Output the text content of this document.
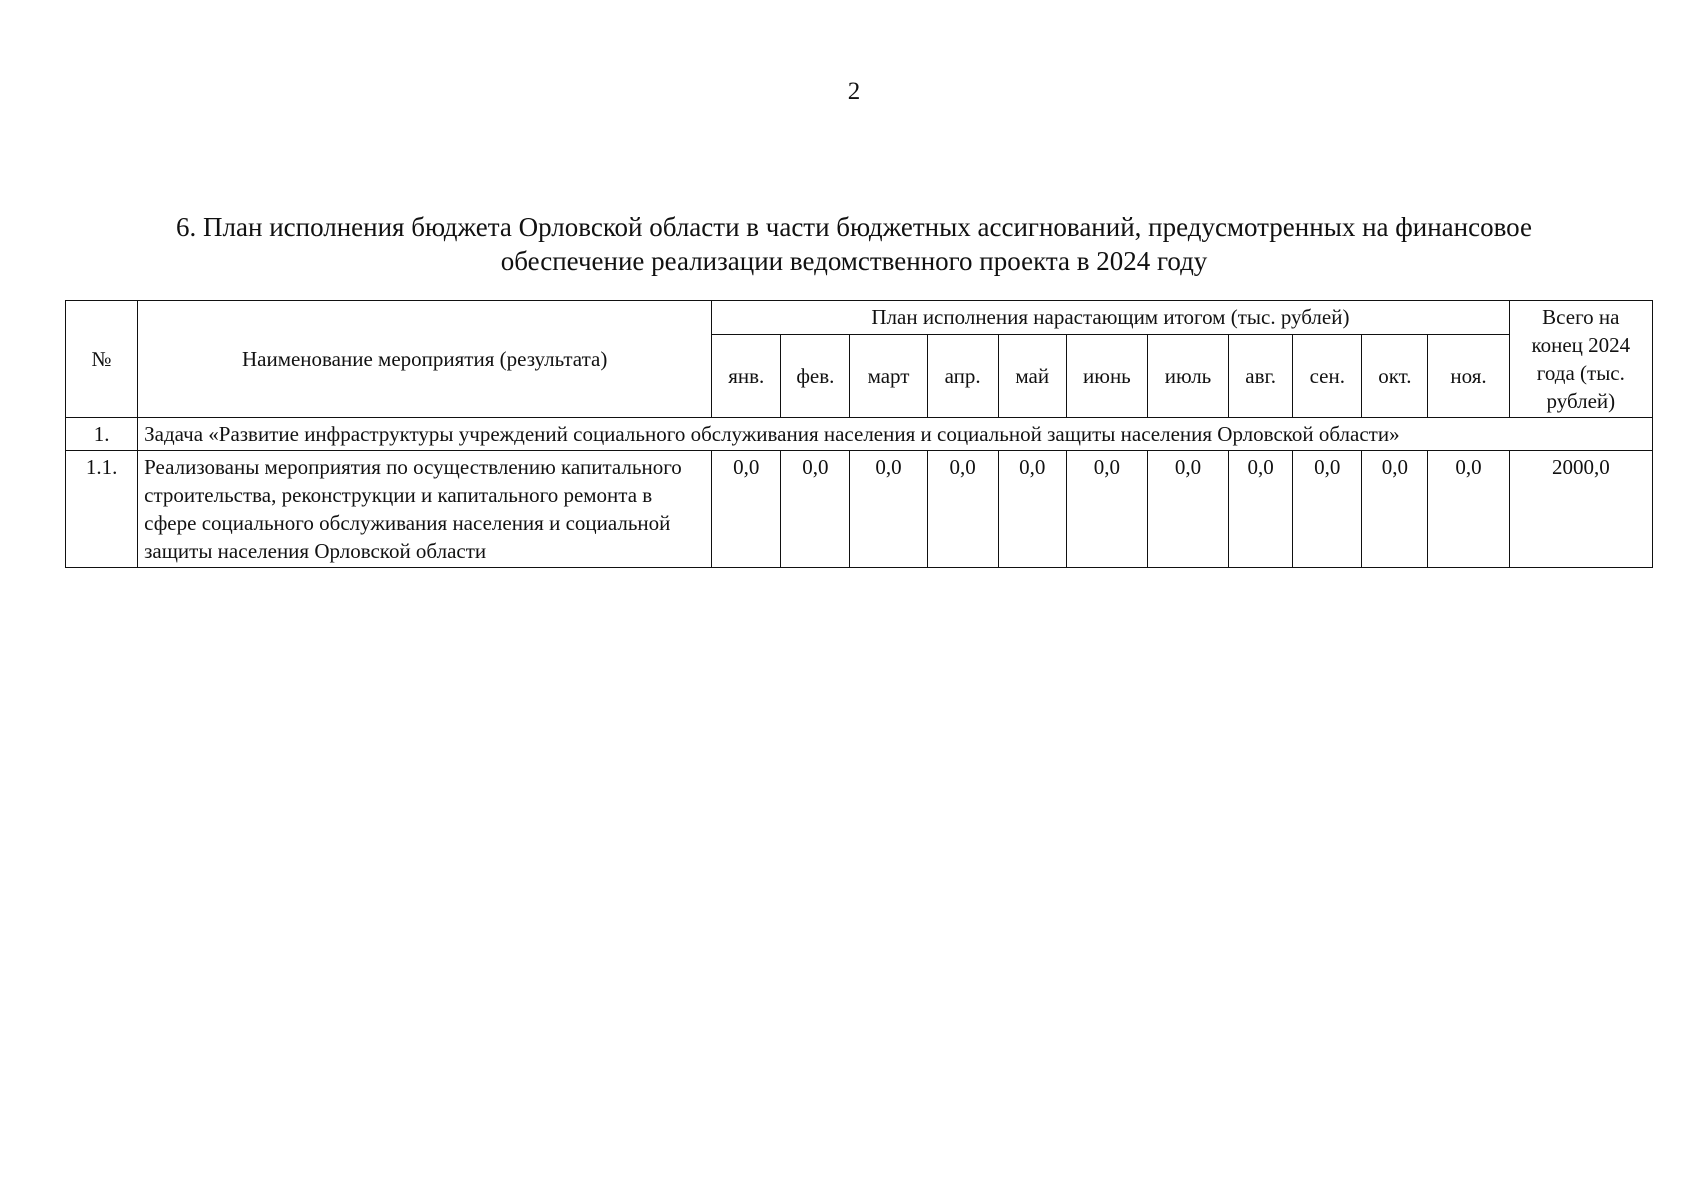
2
6. План исполнения бюджета Орловской области в части бюджетных ассигнований, предусмотренных на финансовое
обеспечение реализации ведомственного проекта в 2024 году
№	Наименование мероприятия (результата)	План исполнения нарастающим итогом (тыс. рублей)											Всего на конец 2024 года (тыс. рублей)
		янв.	фев.	март	апр.	май	июнь	июль	авг.	сен.	окт.	ноя.	
1.	Задача «Развитие инфраструктуры учреждений социального обслуживания населения и социальной защиты населения Орловской области»												
1.1.	Реализованы мероприятия по осуществлению капитального строительства, реконструкции и капитального ремонта в сфере социального обслуживания населения и социальной защиты населения Орловской области	0,0	0,0	0,0	0,0	0,0	0,0	0,0	0,0	0,0	0,0	0,0	2000,0
